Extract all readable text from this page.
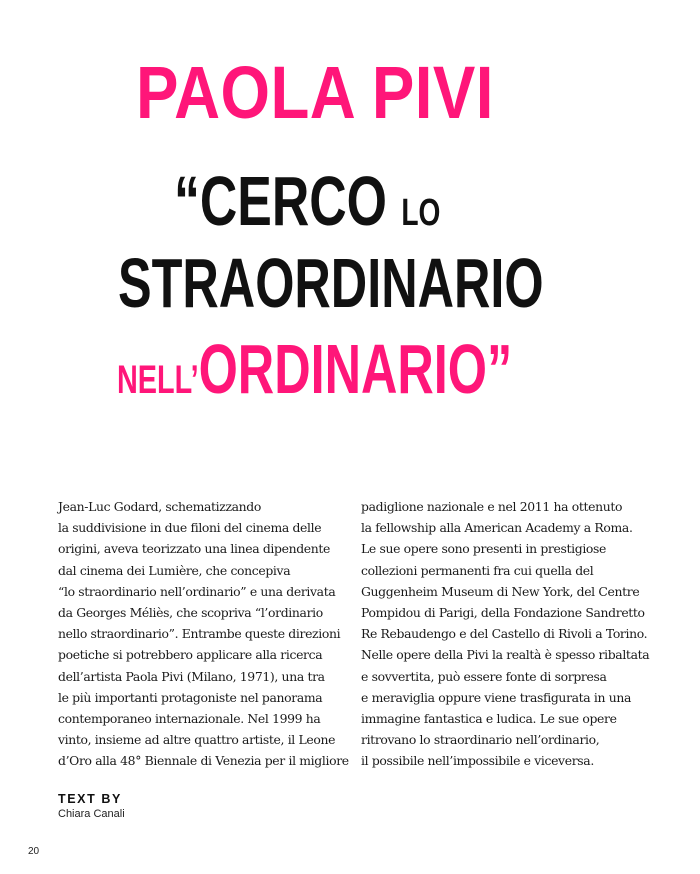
PAOLA PIVI
“CERCO LO
STRAORDINARIO
NELL’ORDINARIO”

Jean-Luc Godard, schematizzando

la suddivisione in due filoni del cinema delle

origini, aveva teorizzato una linea dipendente

dal cinema dei Lumière, che concepiva

“lo straordinario nell’ordinario” e una derivata

da Georges Méliès, che scopriva “l’ordinario

nello straordinario”. Entrambe queste direzioni

poetiche si potrebbero applicare alla ricerca

dell’artista Paola Pivi (Milano, 1971), una tra

le più importanti protagoniste nel panorama

contemporaneo internazionale. Nel 1999 ha

vinto, insieme ad altre quattro artiste, il Leone

d’Oro alla 48° Biennale di Venezia per il migliore

padiglione nazionale e nel 2011 ha ottenuto

la fellowship alla American Academy a Roma.

Le sue opere sono presenti in prestigiose

collezioni permanenti fra cui quella del

Guggenheim Museum di New York, del Centre

Pompidou di Parigi, della Fondazione Sandretto

Re Rebaudengo e del Castello di Rivoli a Torino.

Nelle opere della Pivi la realtà è spesso ribaltata

e sovvertita, può essere fonte di sorpresa

e meraviglia oppure viene trasfigurata in una

immagine fantastica e ludica. Le sue opere

ritrovano lo straordinario nell’ordinario,

il possibile nell’impossibile e viceversa.

TEXT BY

Chiara Canali

20
